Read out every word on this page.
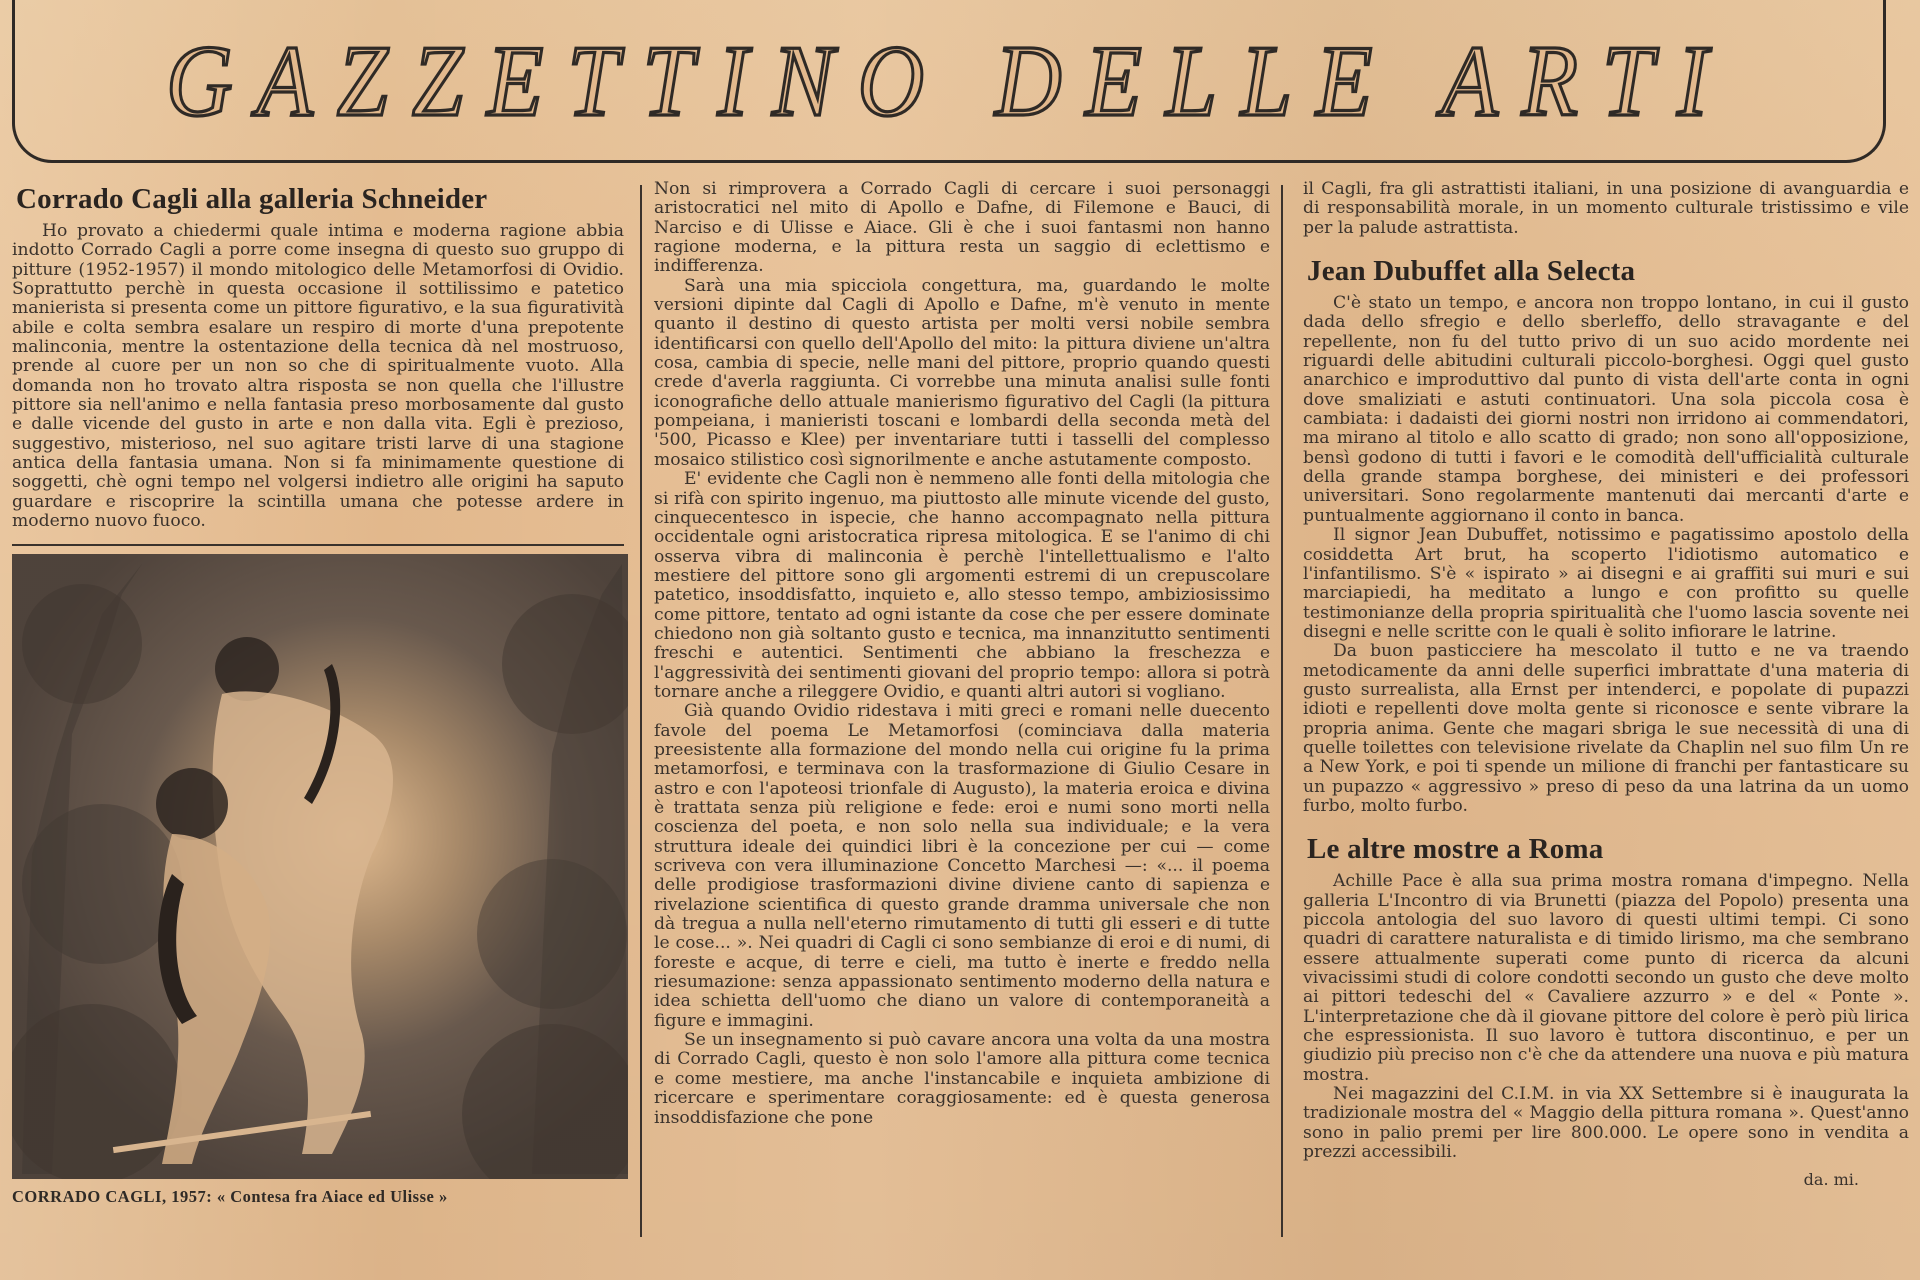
GAZZETTINO DELLE ARTI
Corrado Cagli alla galleria Schneider

Ho provato a chiedermi quale intima e moderna ragione abbia indotto Corrado Cagli a porre come insegna di questo suo gruppo di pitture (1952-1957) il mondo mitologico delle Metamorfosi di Ovidio. Soprattutto perchè in questa occasione il sottilissimo e patetico manierista si presenta come un pittore figurativo, e la sua figuratività abile e colta sembra esalare un respiro di morte d'una prepotente malinconia, mentre la ostentazione della tecnica dà nel mostruoso, prende al cuore per un non so che di spiritualmente vuoto. Alla domanda non ho trovato altra risposta se non quella che l'illustre pittore sia nell'animo e nella fantasia preso morbosamente dal gusto e dalle vicende del gusto in arte e non dalla vita. Egli è prezioso, suggestivo, misterioso, nel suo agitare tristi larve di una stagione antica della fantasia umana. Non si fa minimamente questione di soggetti, chè ogni tempo nel volgersi indietro alle origini ha saputo guardare e riscoprire la scintilla umana che potesse ardere in moderno nuovo fuoco.

CORRADO CAGLI, 1957: « Contesa fra Aiace ed Ulisse »

Non si rimprovera a Corrado Cagli di cercare i suoi personaggi aristocratici nel mito di Apollo e Dafne, di Filemone e Bauci, di Narciso e di Ulisse e Aiace. Gli è che i suoi fantasmi non hanno ragione moderna, e la pittura resta un saggio di eclettismo e indifferenza.

Sarà una mia spicciola congettura, ma, guardando le molte versioni dipinte dal Cagli di Apollo e Dafne, m'è venuto in mente quanto il destino di questo artista per molti versi nobile sembra identificarsi con quello dell'Apollo del mito: la pittura diviene un'altra cosa, cambia di specie, nelle mani del pittore, proprio quando questi crede d'averla raggiunta. Ci vorrebbe una minuta analisi sulle fonti iconografiche dello attuale manierismo figurativo del Cagli (la pittura pompeiana, i manieristi toscani e lombardi della seconda metà del '500, Picasso e Klee) per inventariare tutti i tasselli del complesso mosaico stilistico così signorilmente e anche astutamente composto.

E' evidente che Cagli non è nemmeno alle fonti della mitologia che si rifà con spirito ingenuo, ma piuttosto alle minute vicende del gusto, cinquecentesco in ispecie, che hanno accompagnato nella pittura occidentale ogni aristocratica ripresa mitologica. E se l'animo di chi osserva vibra di malinconia è perchè l'intellettualismo e l'alto mestiere del pittore sono gli argomenti estremi di un crepuscolare patetico, insoddisfatto, inquieto e, allo stesso tempo, ambiziosissimo come pittore, tentato ad ogni istante da cose che per essere dominate chiedono non già soltanto gusto e tecnica, ma innanzitutto sentimenti freschi e autentici. Sentimenti che abbiano la freschezza e l'aggressività dei sentimenti giovani del proprio tempo: allora si potrà tornare anche a rileggere Ovidio, e quanti altri autori si vogliano.

Già quando Ovidio ridestava i miti greci e romani nelle duecento favole del poema Le Metamorfosi (cominciava dalla materia preesistente alla formazione del mondo nella cui origine fu la prima metamorfosi, e terminava con la trasformazione di Giulio Cesare in astro e con l'apoteosi trionfale di Augusto), la materia eroica e divina è trattata senza più religione e fede: eroi e numi sono morti nella coscienza del poeta, e non solo nella sua individuale; e la vera struttura ideale dei quindici libri è la concezione per cui — come scriveva con vera illuminazione Concetto Marchesi —: «... il poema delle prodigiose trasformazioni divine diviene canto di sapienza e rivelazione scientifica di questo grande dramma universale che non dà tregua a nulla nell'eterno rimutamento di tutti gli esseri e di tutte le cose... ». Nei quadri di Cagli ci sono sembianze di eroi e di numi, di foreste e acque, di terre e cieli, ma tutto è inerte e freddo nella riesumazione: senza appassionato sentimento moderno della natura e idea schietta dell'uomo che diano un valore di contemporaneità a figure e immagini.

Se un insegnamento si può cavare ancora una volta da una mostra di Corrado Cagli, questo è non solo l'amore alla pittura come tecnica e come mestiere, ma anche l'instancabile e inquieta ambizione di ricercare e sperimentare coraggiosamente: ed è questa generosa insoddisfazione che pone

il Cagli, fra gli astrattisti italiani, in una posizione di avanguardia e di responsabilità morale, in un momento culturale tristissimo e vile per la palude astrattista.

Jean Dubuffet alla Selecta

C'è stato un tempo, e ancora non troppo lontano, in cui il gusto dada dello sfregio e dello sberleffo, dello stravagante e del repellente, non fu del tutto privo di un suo acido mordente nei riguardi delle abitudini culturali piccolo-borghesi. Oggi quel gusto anarchico e improduttivo dal punto di vista dell'arte conta in ogni dove smaliziati e astuti continuatori. Una sola piccola cosa è cambiata: i dadaisti dei giorni nostri non irridono ai commendatori, ma mirano al titolo e allo scatto di grado; non sono all'opposizione, bensì godono di tutti i favori e le comodità dell'ufficialità culturale della grande stampa borghese, dei ministeri e dei professori universitari. Sono regolarmente mantenuti dai mercanti d'arte e puntualmente aggiornano il conto in banca.

Il signor Jean Dubuffet, notissimo e pagatissimo apostolo della cosiddetta Art brut, ha scoperto l'idiotismo automatico e l'infantilismo. S'è « ispirato » ai disegni e ai graffiti sui muri e sui marciapiedi, ha meditato a lungo e con profitto su quelle testimonianze della propria spiritualità che l'uomo lascia sovente nei disegni e nelle scritte con le quali è solito infiorare le latrine.

Da buon pasticciere ha mescolato il tutto e ne va traendo metodicamente da anni delle superfici imbrattate d'una materia di gusto surrealista, alla Ernst per intenderci, e popolate di pupazzi idioti e repellenti dove molta gente si riconosce e sente vibrare la propria anima. Gente che magari sbriga le sue necessità di una di quelle toilettes con televisione rivelate da Chaplin nel suo film Un re a New York, e poi ti spende un milione di franchi per fantasticare su un pupazzo « aggressivo » preso di peso da una latrina da un uomo furbo, molto furbo.

Le altre mostre a Roma

Achille Pace è alla sua prima mostra romana d'impegno. Nella galleria L'Incontro di via Brunetti (piazza del Popolo) presenta una piccola antologia del suo lavoro di questi ultimi tempi. Ci sono quadri di carattere naturalista e di timido lirismo, ma che sembrano essere attualmente superati come punto di ricerca da alcuni vivacissimi studi di colore condotti secondo un gusto che deve molto ai pittori tedeschi del « Cavaliere azzurro » e del « Ponte ». L'interpretazione che dà il giovane pittore del colore è però più lirica che espressionista. Il suo lavoro è tuttora discontinuo, e per un giudizio più preciso non c'è che da attendere una nuova e più matura mostra.

Nei magazzini del C.I.M. in via XX Settembre si è inaugurata la tradizionale mostra del « Maggio della pittura romana ». Quest'anno sono in palio premi per lire 800.000. Le opere sono in vendita a prezzi accessibili.

da. mi.
